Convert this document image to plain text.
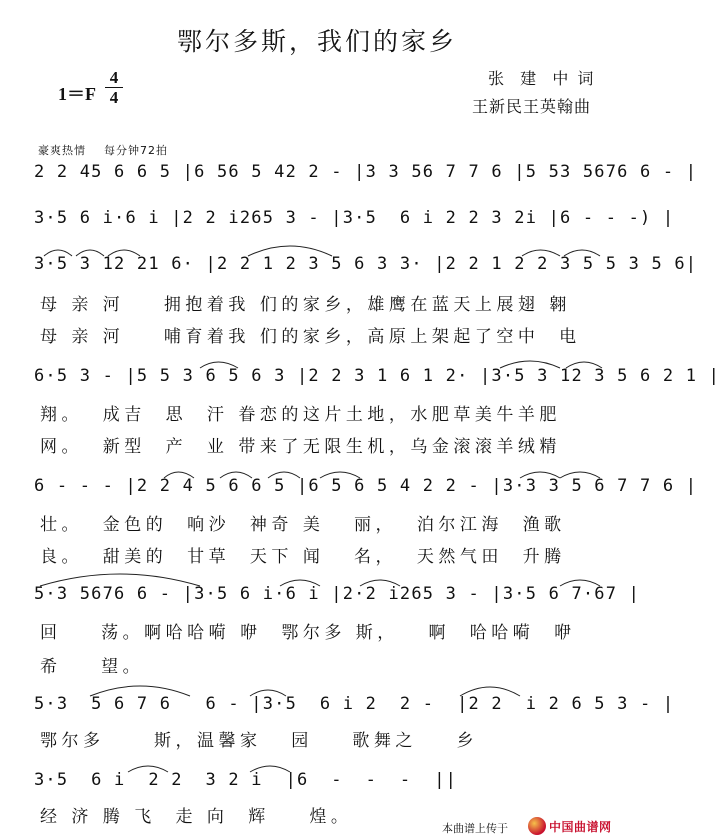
鄂尔多斯，我们的家乡
$1=F \frac{4}{4}$	张  建  中 词
王新民王英翰曲
豪爽热情    每分钟72拍
2 2 45 6 6 5 |6 56 5 42 2 - |3 3 56 7 7 6 |5 53 5676 6 - |
3·5 6 i·6 i |2 2 i265 3 - |3·5  6 i 2 2 3 2i |6 - - -) |
3·5 3 12 21 6· |2 2 1 2 3 5 6 3 3· |2 2 1 2 2 3 5 5 3 5 6|
母 亲 河    拥抱着我 们的家乡，雄鹰在蓝天上展翅 翱
母 亲 河    哺育着我 们的家乡，高原上架起了空中  电
6·5 3 - |5 5 3 6 5 6 3 |2 2 3 1 6 1 2· |3·5 3 12 3 5 6 2 1 |
翔。  成吉  思  汗 眷恋的这片土地，水肥草美牛羊肥
网。  新型  产  业 带来了无限生机，乌金滚滚羊绒精
6 - - - |2 2 4 5 6 6 5 |6 5 6 5 4 2 2 - |3·3 3 5 6 7 7 6 |
壮。  金色的  响沙  神奇 美   丽，  泊尔江海  渔歌
良。  甜美的  甘草  天下 闻   名，  天然气田  升腾
5·3 5676 6 - |3·5 6 i·6 i |2·2 i265 3 - |3·5 6 7·67 |
回    荡。啊哈哈嗬 咿  鄂尔多 斯，   啊  哈哈嗬  咿
希    望。
5·3  5 6 7 6   6 - |3·5  6 i 2  2 -  |2 2  i 2 6 5 3 - |
鄂尔多     斯，温馨家   园    歌舞之    乡
3·5  6 i  2 2  3 2 i  |6  -  -  -  ||
经 济 腾 飞  走 向  辉    煌。
本曲谱上传于	中国曲谱网
